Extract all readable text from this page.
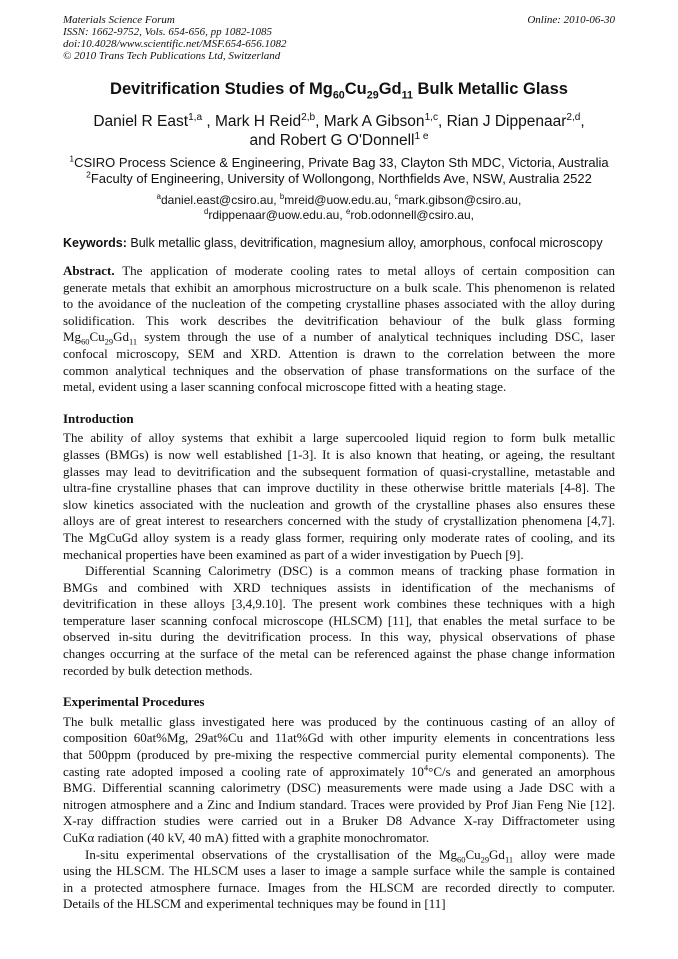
Materials Science Forum
ISSN: 1662-9752, Vols. 654-656, pp 1082-1085
doi:10.4028/www.scientific.net/MSF.654-656.1082
© 2010 Trans Tech Publications Ltd, Switzerland
Online: 2010-06-30
Devitrification Studies of $Mg_{60}Cu_{29}Gd_{11}$ Bulk Metallic Glass
Daniel R East$^{1,a}$ , Mark H Reid$^{2,b}$, Mark A Gibson$^{1,c}$, Rian J Dippenaar$^{2,d}$,
and Robert G O'Donnell$^{1 e}$
$^1$CSIRO Process Science & Engineering, Private Bag 33, Clayton Sth MDC, Victoria, Australia
$^2$Faculty of Engineering, University of Wollongong, Northfields Ave, NSW, Australia 2522
$^a$daniel.east@csiro.au, $^b$mreid@uow.edu.au, $^c$mark.gibson@csiro.au,
$^d$rdippenaar@uow.edu.au, $^e$rob.odonnell@csiro.au,
Keywords: Bulk metallic glass, devitrification, magnesium alloy, amorphous, confocal microscopy
Abstract. The application of moderate cooling rates to metal alloys of certain composition can
generate metals that exhibit an amorphous microstructure on a bulk scale. This phenomenon is related
to the avoidance of the nucleation of the competing crystalline phases associated with the alloy during
solidification. This work describes the devitrification behaviour of the bulk glass forming
$Mg_{60}Cu_{29}Gd_{11}$ system through the use of a number of analytical techniques including DSC, laser
confocal microscopy, SEM and XRD. Attention is drawn to the correlation between the more
common analytical techniques and the observation of phase transformations on the surface of the
metal, evident using a laser scanning confocal microscope fitted with a heating stage.
Introduction
The ability of alloy systems that exhibit a large supercooled liquid region to form bulk metallic
glasses (BMGs) is now well established [1-3]. It is also known that heating, or ageing, the resultant
glasses may lead to devitrification and the subsequent formation of quasi-crystalline, metastable and
ultra-fine crystalline phases that can improve ductility in these otherwise brittle materials [4-8]. The
slow kinetics associated with the nucleation and growth of the crystalline phases also ensures these
alloys are of great interest to researchers concerned with the study of crystallization phenomena [4,7].
The MgCuGd alloy system is a ready glass former, requiring only moderate rates of cooling, and its
mechanical properties have been examined as part of a wider investigation by Puech [9].
Differential Scanning Calorimetry (DSC) is a common means of tracking phase formation in
BMGs and combined with XRD techniques assists in identification of the mechanisms of
devitrification in these alloys [3,4,9.10]. The present work combines these techniques with a high
temperature laser scanning confocal microscope (HLSCM) [11], that enables the metal surface to be
observed in-situ during the devitrification process. In this way, physical observations of phase
changes occurring at the surface of the metal can be referenced against the phase change information
recorded by bulk detection methods.
Experimental Procedures
The bulk metallic glass investigated here was produced by the continuous casting of an alloy of
composition 60at%Mg, 29at%Cu and 11at%Gd with other impurity elements in concentrations less
that 500ppm (produced by pre-mixing the respective commercial purity elemental components). The
casting rate adopted imposed a cooling rate of approximately $10^4^\circ C/s$ and generated an amorphous
BMG. Differential scanning calorimetry (DSC) measurements were made using a Jade DSC with a
nitrogen atmosphere and a Zinc and Indium standard. Traces were provided by Prof Jian Feng Nie [12].
X-ray diffraction studies were carried out in a Bruker D8 Advance X-ray Diffractometer using
CuKα radiation (40 kV, 40 mA) fitted with a graphite monochromator.
In-situ experimental observations of the crystallisation of the $Mg_{60}Cu_{29}Gd_{11}$ alloy were made
using the HLSCM. The HLSCM uses a laser to image a sample surface while the sample is contained
in a protected atmosphere furnace. Images from the HLSCM are recorded directly to computer.
Details of the HLSCM and experimental techniques may be found in [11]
